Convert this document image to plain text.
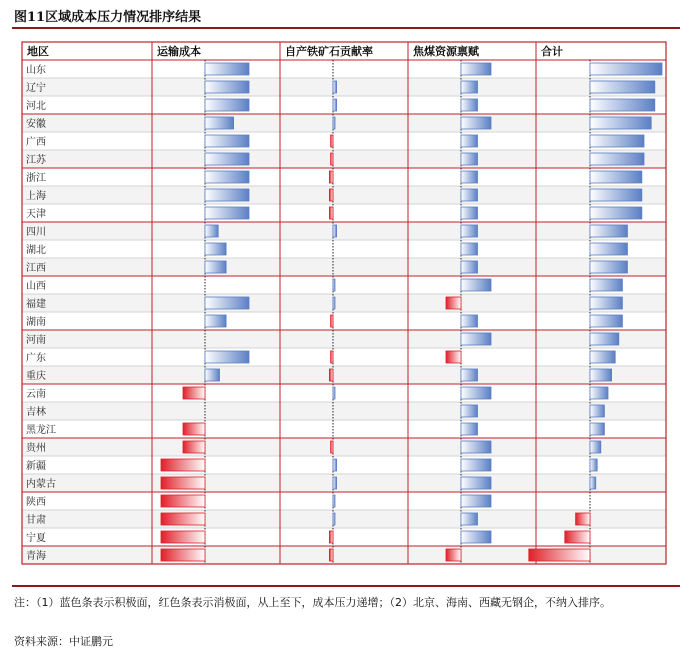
图11区域成本压力情况排序结果
地区	运输成本	自产铁矿石贡献率	焦煤资源禀赋	合计
山东
辽宁
河北
安徽
广西
江苏
浙江
上海
天津
四川
湖北
江西
山西
福建
湖南
河南
广东
重庆
云南
吉林
黑龙江
贵州
新疆
内蒙古
陕西
甘肃
宁夏
青海
注：（1）蓝色条表示积极面，红色条表示消极面，从上至下，成本压力递增；（2）北京、海南、西藏无钢企，不纳入排序。
资料来源：中证鹏元
